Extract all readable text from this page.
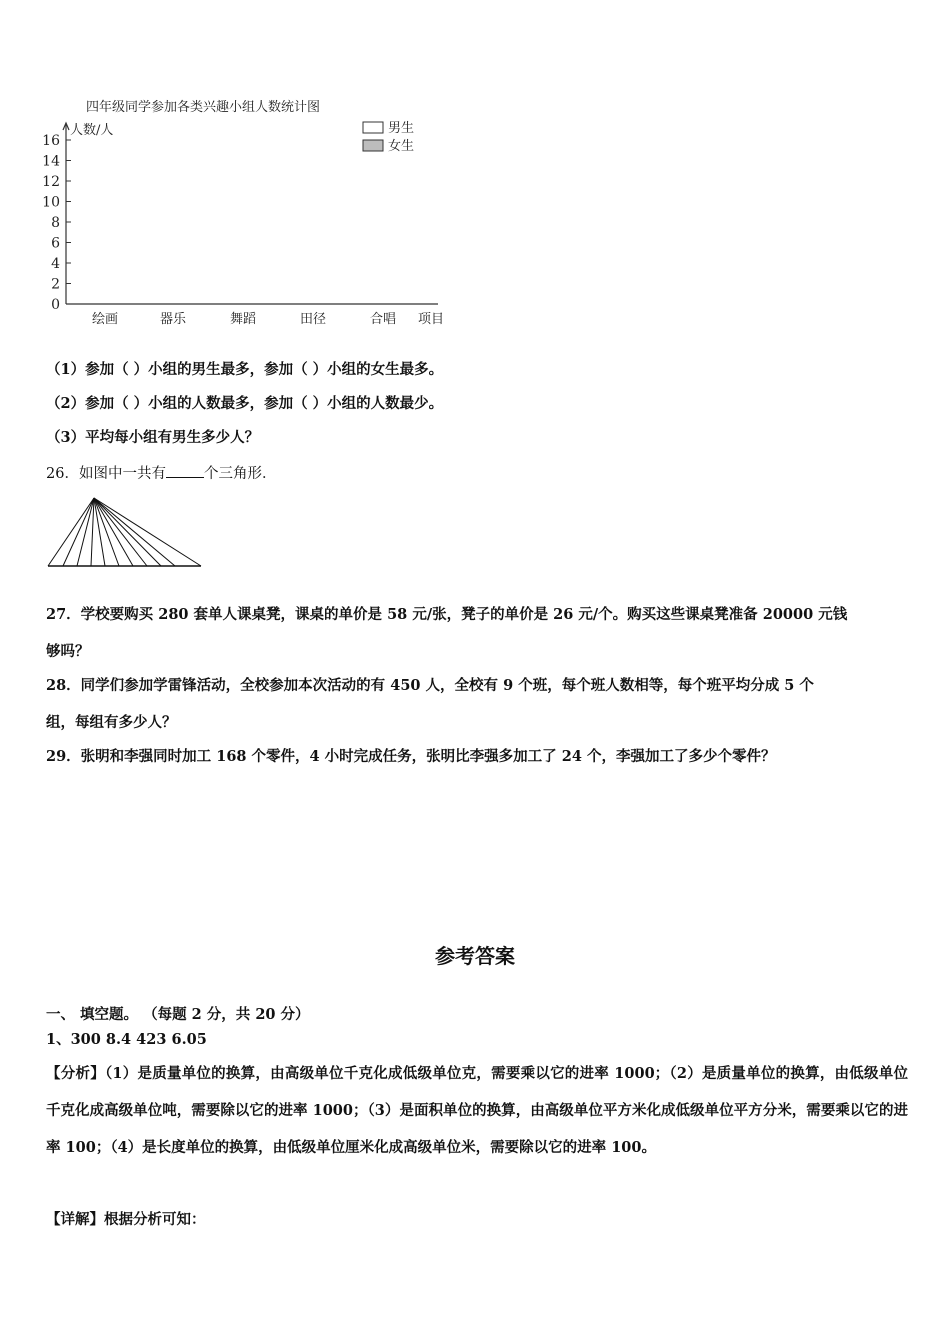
四年级同学参加各类兴趣小组人数统计图
人数/人
项目
男生
女生
0
2
4
6
8
10
12
14
16
绘画	器乐	舞蹈	田径	合唱
（1）参加（ ）小组的男生最多，参加（ ）小组的女生最多。
（2）参加（ ）小组的人数最多，参加（ ）小组的人数最少。
（3）平均每小组有男生多少人？
26．如图中一共有	个三角形．
27．学校要购买 280 套单人课桌凳，课桌的单价是 58 元/张，凳子的单价是 26 元/个。购买这些课桌凳准备 20000 元钱
够吗？
28．同学们参加学雷锋活动，全校参加本次活动的有 450 人，全校有 9 个班，每个班人数相等，每个班平均分成 5 个
组，每组有多少人？
29．张明和李强同时加工 168 个零件，4 小时完成任务，张明比李强多加工了 24 个，李强加工了多少个零件？
参考答案
一、 填空题。 （每题 2 分，共 20 分）
1、300 8.4 423 6.05
【分析】（1）是质量单位的换算，由高级单位千克化成低级单位克，需要乘以它的进率 1000；（2）是质量单位的换算，由低级单位千克化成高级单位吨，需要除以它的进率 1000；（3）是面积单位的换算，由高级单位平方米化成低级单位平方分米，需要乘以它的进率 100；（4）是长度单位的换算，由低级单位厘米化成高级单位米，需要除以它的进率 100。
【详解】根据分析可知：
